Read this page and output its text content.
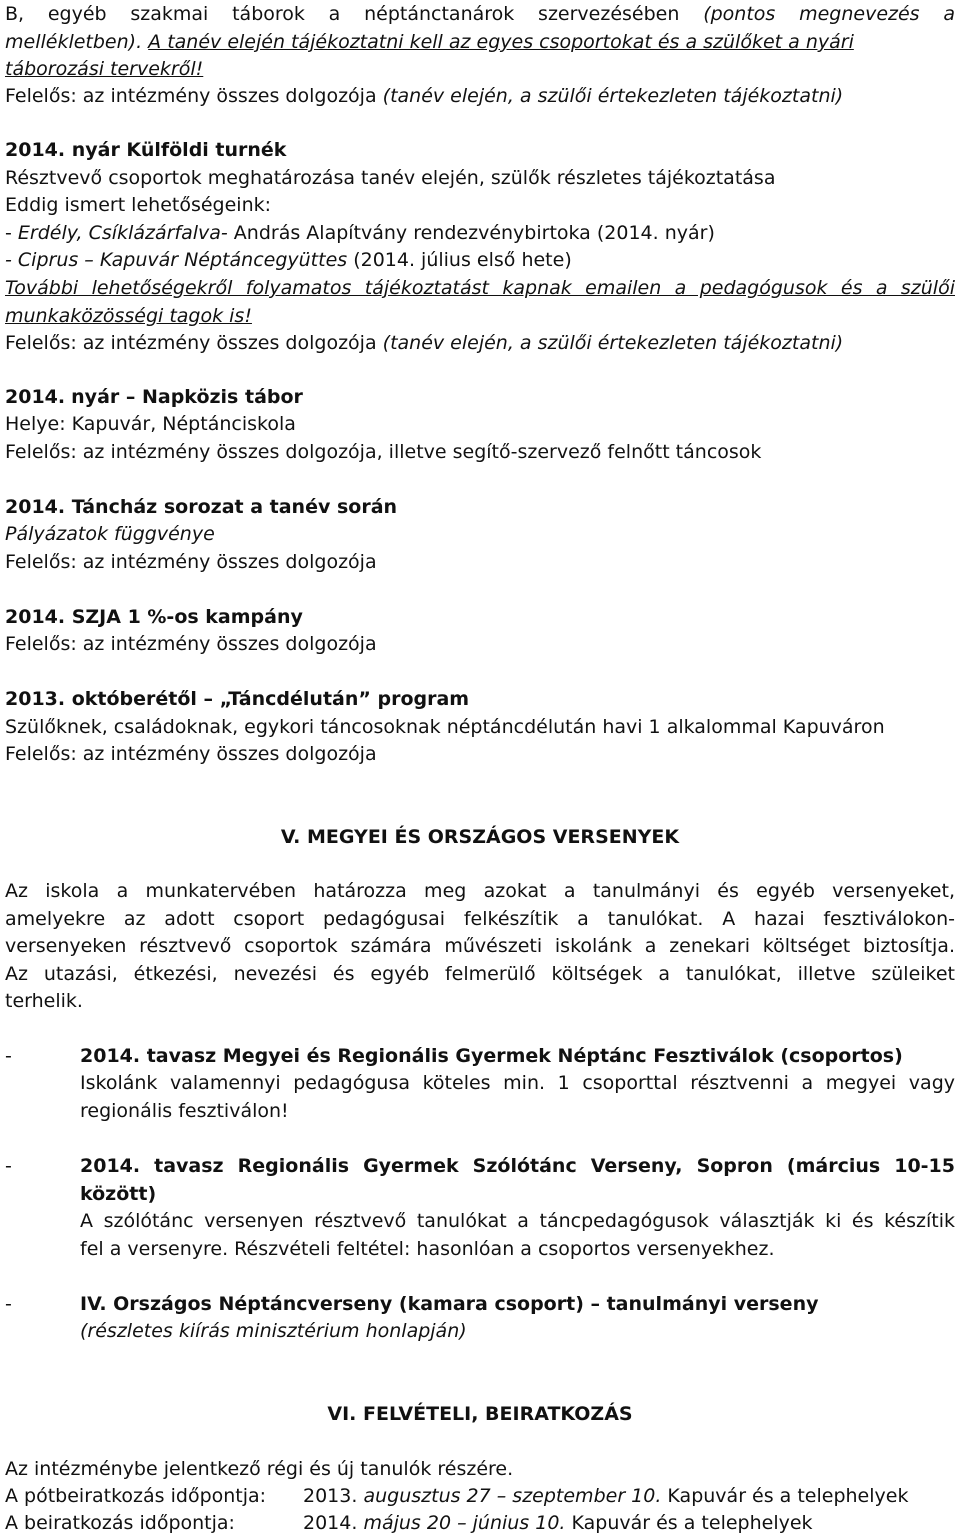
B, egyéb szakmai táborok a néptánctanárok szervezésében (pontos megnevezés a
mellékletben). A tanév elején tájékoztatni kell az egyes csoportokat és a szülőket a nyári
táborozási tervekről!
Felelős: az intézmény összes dolgozója (tanév elején, a szülői értekezleten tájékoztatni)
2014. nyár Külföldi turnék
Résztvevő csoportok meghatározása tanév elején, szülők részletes tájékoztatása
Eddig ismert lehetőségeink:
- Erdély, Csíklázárfalva- András Alapítvány rendezvénybirtoka (2014. nyár)
- Ciprus – Kapuvár Néptáncegyüttes (2014. július első hete)
További lehetőségekről folyamatos tájékoztatást kapnak emailen a pedagógusok és a szülői
munkaközösségi tagok is!
Felelős: az intézmény összes dolgozója (tanév elején, a szülői értekezleten tájékoztatni)
2014. nyár – Napközis tábor
Helye: Kapuvár, Néptánciskola
Felelős: az intézmény összes dolgozója, illetve segítő-szervező felnőtt táncosok
2014. Táncház sorozat a tanév során
Pályázatok függvénye
Felelős: az intézmény összes dolgozója
2014. SZJA 1 %-os kampány
Felelős: az intézmény összes dolgozója
2013. októberétől – „Táncdélután” program
Szülőknek, családoknak, egykori táncosoknak néptáncdélután havi 1 alkalommal Kapuváron
Felelős: az intézmény összes dolgozója
V. MEGYEI ÉS ORSZÁGOS VERSENYEK
Az iskola a munkatervében határozza meg azokat a tanulmányi és egyéb versenyeket,
amelyekre az adott csoport pedagógusai felkészítik a tanulókat. A hazai fesztiválokon-
versenyeken résztvevő csoportok számára művészeti iskolánk a zenekari költséget biztosítja.
Az utazási, étkezési, nevezési és egyéb felmerülő költségek a tanulókat, illetve szüleiket
terhelik.
-	2014. tavasz Megyei és Regionális Gyermek Néptánc Fesztiválok (csoportos)
Iskolánk valamennyi pedagógusa köteles min. 1 csoporttal résztvenni a megyei vagy
regionális fesztiválon!
-	2014. tavasz Regionális Gyermek Szólótánc Verseny, Sopron (március 10-15
között)
A szólótánc versenyen résztvevő tanulókat a táncpedagógusok választják ki és készítik
fel a versenyre. Részvételi feltétel: hasonlóan a csoportos versenyekhez.
-	IV. Országos Néptáncverseny (kamara csoport) – tanulmányi verseny
(részletes kiírás minisztérium honlapján)
VI. FELVÉTELI, BEIRATKOZÁS
Az intézménybe jelentkező régi és új tanulók részére.
A pótbeiratkozás időpontja: 2013. augusztus 27 – szeptember 10. Kapuvár és a telephelyek
A beiratkozás időpontja:	2014. május 20 – június 10. Kapuvár és a telephelyek
